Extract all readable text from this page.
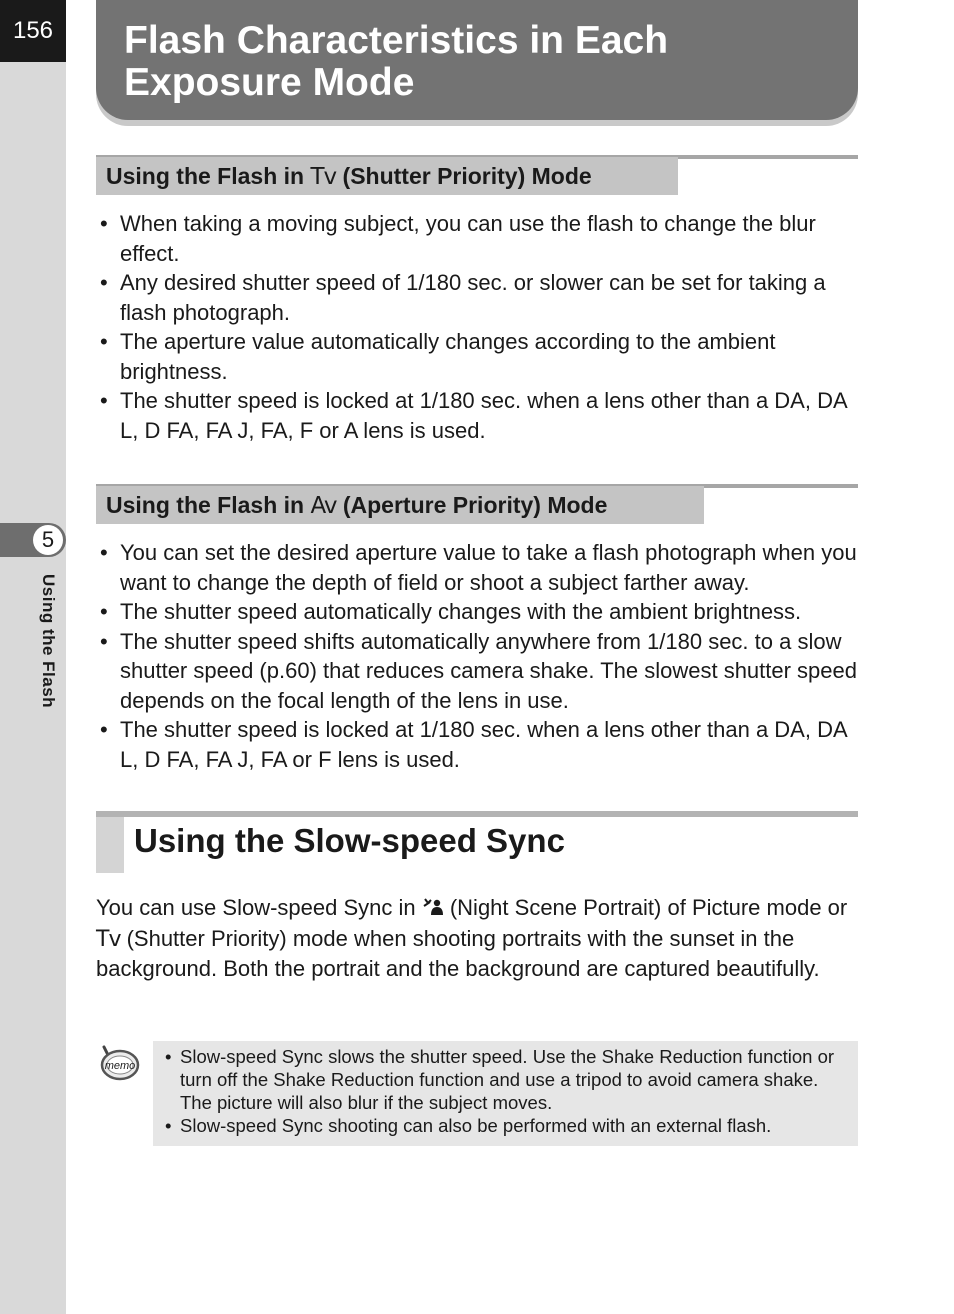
156
5
Using the Flash
Flash Characteristics in Each
Exposure Mode
Using the Flash in Tv (Shutter Priority) Mode
• When taking a moving subject, you can use the flash to change the blur effect.
• Any desired shutter speed of 1/180 sec. or slower can be set for taking a flash photograph.
• The aperture value automatically changes according to the ambient brightness.
• The shutter speed is locked at 1/180 sec. when a lens other than a DA, DA L, D FA, FA J, FA, F or A lens is used.
Using the Flash in Av (Aperture Priority) Mode
• You can set the desired aperture value to take a flash photograph when you want to change the depth of field or shoot a subject farther away.
• The shutter speed automatically changes with the ambient brightness.
• The shutter speed shifts automatically anywhere from 1/180 sec. to a slow shutter speed (p.60) that reduces camera shake. The slowest shutter speed depends on the focal length of the lens in use.
• The shutter speed is locked at 1/180 sec. when a lens other than a DA, DA L, D FA, FA J, FA or F lens is used.
Using the Slow-speed Sync

You can use Slow-speed Sync in  (Night Scene Portrait) of Picture mode or Tv (Shutter Priority) mode when shooting portraits with the sunset in the background. Both the portrait and the background are captured beautifully.

memo
•	Slow-speed Sync slows the shutter speed. Use the Shake Reduction function or turn off the Shake Reduction function and use a tripod to avoid camera shake. The picture will also blur if the subject moves.
• Slow-speed Sync shooting can also be performed with an external flash.
